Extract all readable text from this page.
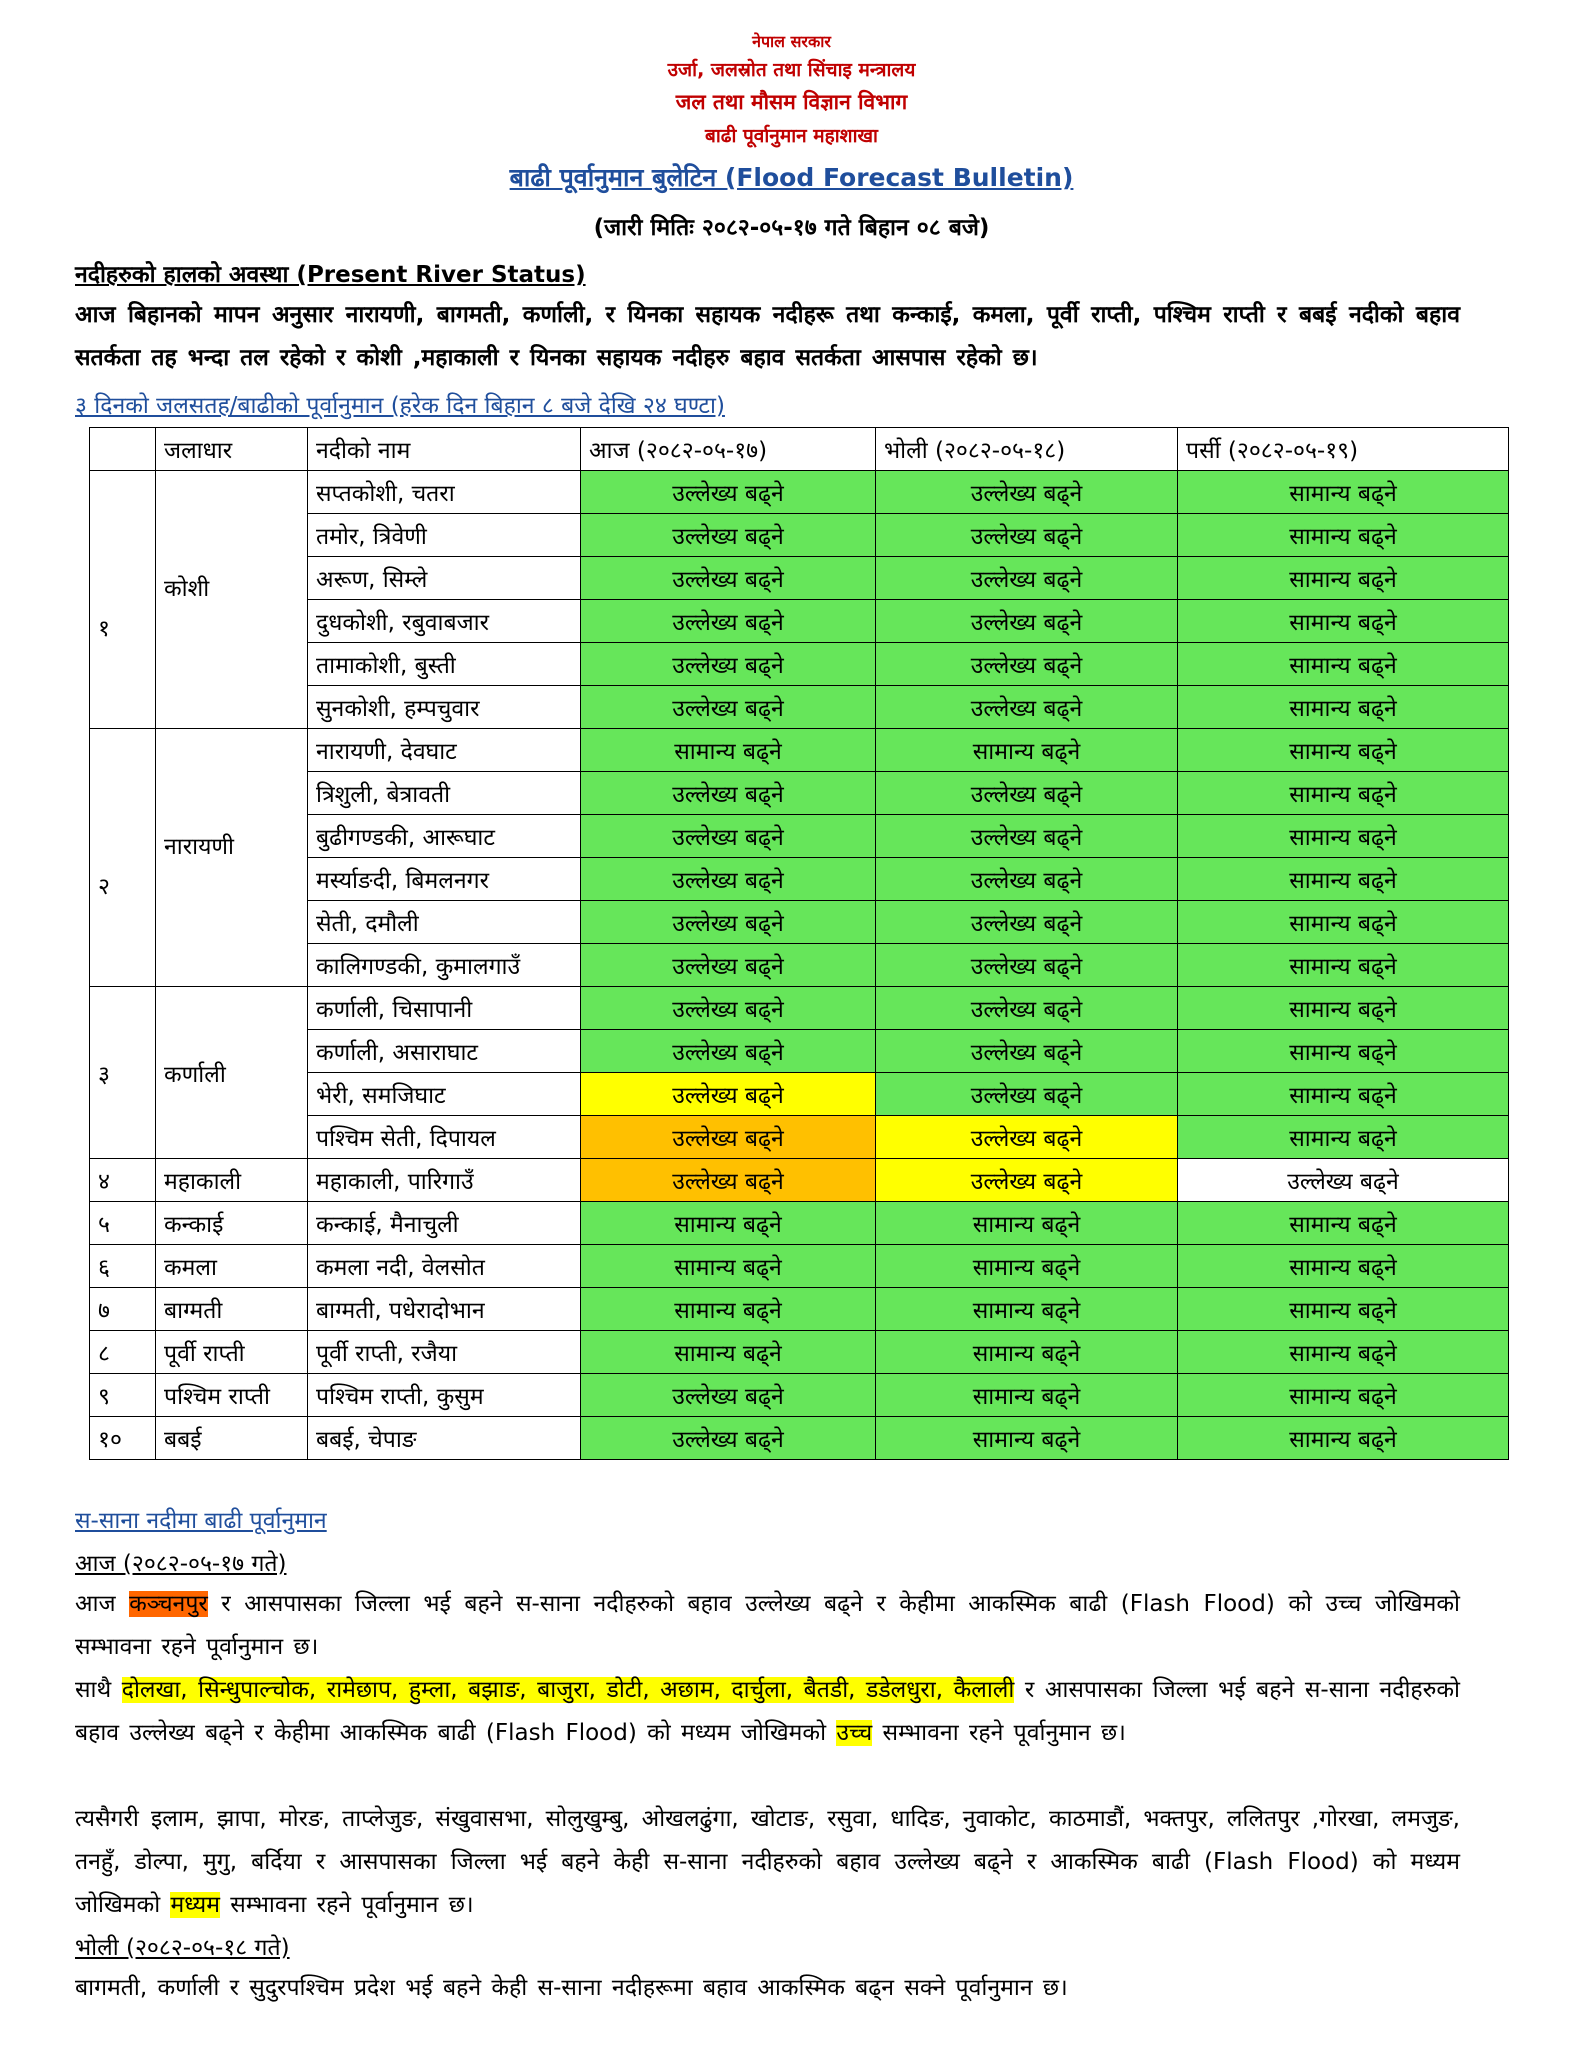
नेपाल सरकार
उर्जा, जलस्रोत तथा सिंचाइ मन्त्रालय
जल तथा मौसम विज्ञान विभाग
बाढी पूर्वानुमान महाशाखा
बाढी पूर्वानुमान बुलेटिन (Flood Forecast Bulletin)
(जारी मितिः २०८२-०५-१७ गते बिहान ०८ बजे)
नदीहरुको हालको अवस्था (Present River Status)
आज बिहानको मापन अनुसार नारायणी, बागमती, कर्णाली, र यिनका सहायक नदीहरू तथा कन्काई, कमला, पूर्वी राप्ती, पश्चिम राप्ती र बबई नदीको बहाव सतर्कता तह भन्दा तल रहेको र कोशी ,महाकाली र यिनका सहायक नदीहरु बहाव सतर्कता आसपास रहेको छ।
३ दिनको जलसतह/बाढीको पूर्वानुमान (हरेक दिन बिहान ८ बजे देखि २४ घण्टा)
	जलाधार	नदीको नाम	आज (२०८२-०५-१७)	भोली (२०८२-०५-१८)	पर्सी (२०८२-०५-१९)
१	कोशी	सप्तकोशी, चतरा	उल्लेख्य बढ्ने	उल्लेख्य बढ्ने	सामान्य बढ्ने
		तमोर, त्रिवेणी	उल्लेख्य बढ्ने	उल्लेख्य बढ्ने	सामान्य बढ्ने
		अरूण, सिम्ले	उल्लेख्य बढ्ने	उल्लेख्य बढ्ने	सामान्य बढ्ने
		दुधकोशी, रबुवाबजार	उल्लेख्य बढ्ने	उल्लेख्य बढ्ने	सामान्य बढ्ने
		तामाकोशी, बुस्ती	उल्लेख्य बढ्ने	उल्लेख्य बढ्ने	सामान्य बढ्ने
		सुनकोशी, हम्पचुवार	उल्लेख्य बढ्ने	उल्लेख्य बढ्ने	सामान्य बढ्ने
२	नारायणी	नारायणी, देवघाट	सामान्य बढ्ने	सामान्य बढ्ने	सामान्य बढ्ने
		त्रिशुली, बेत्रावती	उल्लेख्य बढ्ने	उल्लेख्य बढ्ने	सामान्य बढ्ने
		बुढीगण्डकी, आरूघाट	उल्लेख्य बढ्ने	उल्लेख्य बढ्ने	सामान्य बढ्ने
		मर्स्याङदी, बिमलनगर	उल्लेख्य बढ्ने	उल्लेख्य बढ्ने	सामान्य बढ्ने
		सेती, दमौली	उल्लेख्य बढ्ने	उल्लेख्य बढ्ने	सामान्य बढ्ने
		कालिगण्डकी, कुमालगाउँ	उल्लेख्य बढ्ने	उल्लेख्य बढ्ने	सामान्य बढ्ने
३	कर्णाली	कर्णाली, चिसापानी	उल्लेख्य बढ्ने	उल्लेख्य बढ्ने	सामान्य बढ्ने
		कर्णाली, असाराघाट	उल्लेख्य बढ्ने	उल्लेख्य बढ्ने	सामान्य बढ्ने
		भेरी, समजिघाट	उल्लेख्य बढ्ने	उल्लेख्य बढ्ने	सामान्य बढ्ने
		पश्चिम सेती, दिपायल	उल्लेख्य बढ्ने	उल्लेख्य बढ्ने	सामान्य बढ्ने
४	महाकाली	महाकाली, पारिगाउँ	उल्लेख्य बढ्ने	उल्लेख्य बढ्ने	उल्लेख्य बढ्ने
५	कन्काई	कन्काई, मैनाचुली	सामान्य बढ्ने	सामान्य बढ्ने	सामान्य बढ्ने
६	कमला	कमला नदी, वेलसोत	सामान्य बढ्ने	सामान्य बढ्ने	सामान्य बढ्ने
७	बाग्मती	बाग्मती, पधेरादोभान	सामान्य बढ्ने	सामान्य बढ्ने	सामान्य बढ्ने
८	पूर्वी राप्ती	पूर्वी राप्ती, रजैया	सामान्य बढ्ने	सामान्य बढ्ने	सामान्य बढ्ने
९	पश्चिम राप्ती	पश्चिम राप्ती, कुसुम	उल्लेख्य बढ्ने	सामान्य बढ्ने	सामान्य बढ्ने
१०	बबई	बबई, चेपाङ	उल्लेख्य बढ्ने	सामान्य बढ्ने	सामान्य बढ्ने
स-साना नदीमा बाढी पूर्वानुमान
आज (२०८२-०५-१७ गते)
आज कञ्चनपुर र आसपासका जिल्ला भई बहने स-साना नदीहरुको बहाव उल्लेख्य बढ्ने र केहीमा आकस्मिक बाढी (Flash Flood) को उच्च जोखिमको सम्भावना रहने पूर्वानुमान छ।
साथै दोलखा, सिन्धुपाल्चोक, रामेछाप, हुम्ला, बझाङ, बाजुरा, डोटी, अछाम, दार्चुला, बैतडी, डडेलधुरा, कैलाली र आसपासका जिल्ला भई बहने स-साना नदीहरुको बहाव उल्लेख्य बढ्ने र केहीमा आकस्मिक बाढी (Flash Flood) को मध्यम जोखिमको उच्च सम्भावना रहने पूर्वानुमान छ।
त्यसैगरी इलाम, झापा, मोरङ, ताप्लेजुङ, संखुवासभा, सोलुखुम्बु, ओखलढुंगा, खोटाङ, रसुवा, धादिङ, नुवाकोट, काठमाडौं, भक्तपुर, ललितपुर ,गोरखा, लमजुङ, तनहुँ, डोल्पा, मुगु, बर्दिया र आसपासका जिल्ला भई बहने केही स-साना नदीहरुको बहाव उल्लेख्य बढ्ने र आकस्मिक बाढी (Flash Flood) को मध्यम जोखिमको मध्यम सम्भावना रहने पूर्वानुमान छ।
भोली (२०८२-०५-१८ गते)
बागमती, कर्णाली र सुदुरपश्चिम प्रदेश भई बहने केही स-साना नदीहरूमा बहाव आकस्मिक बढ्न सक्ने पूर्वानुमान छ।
